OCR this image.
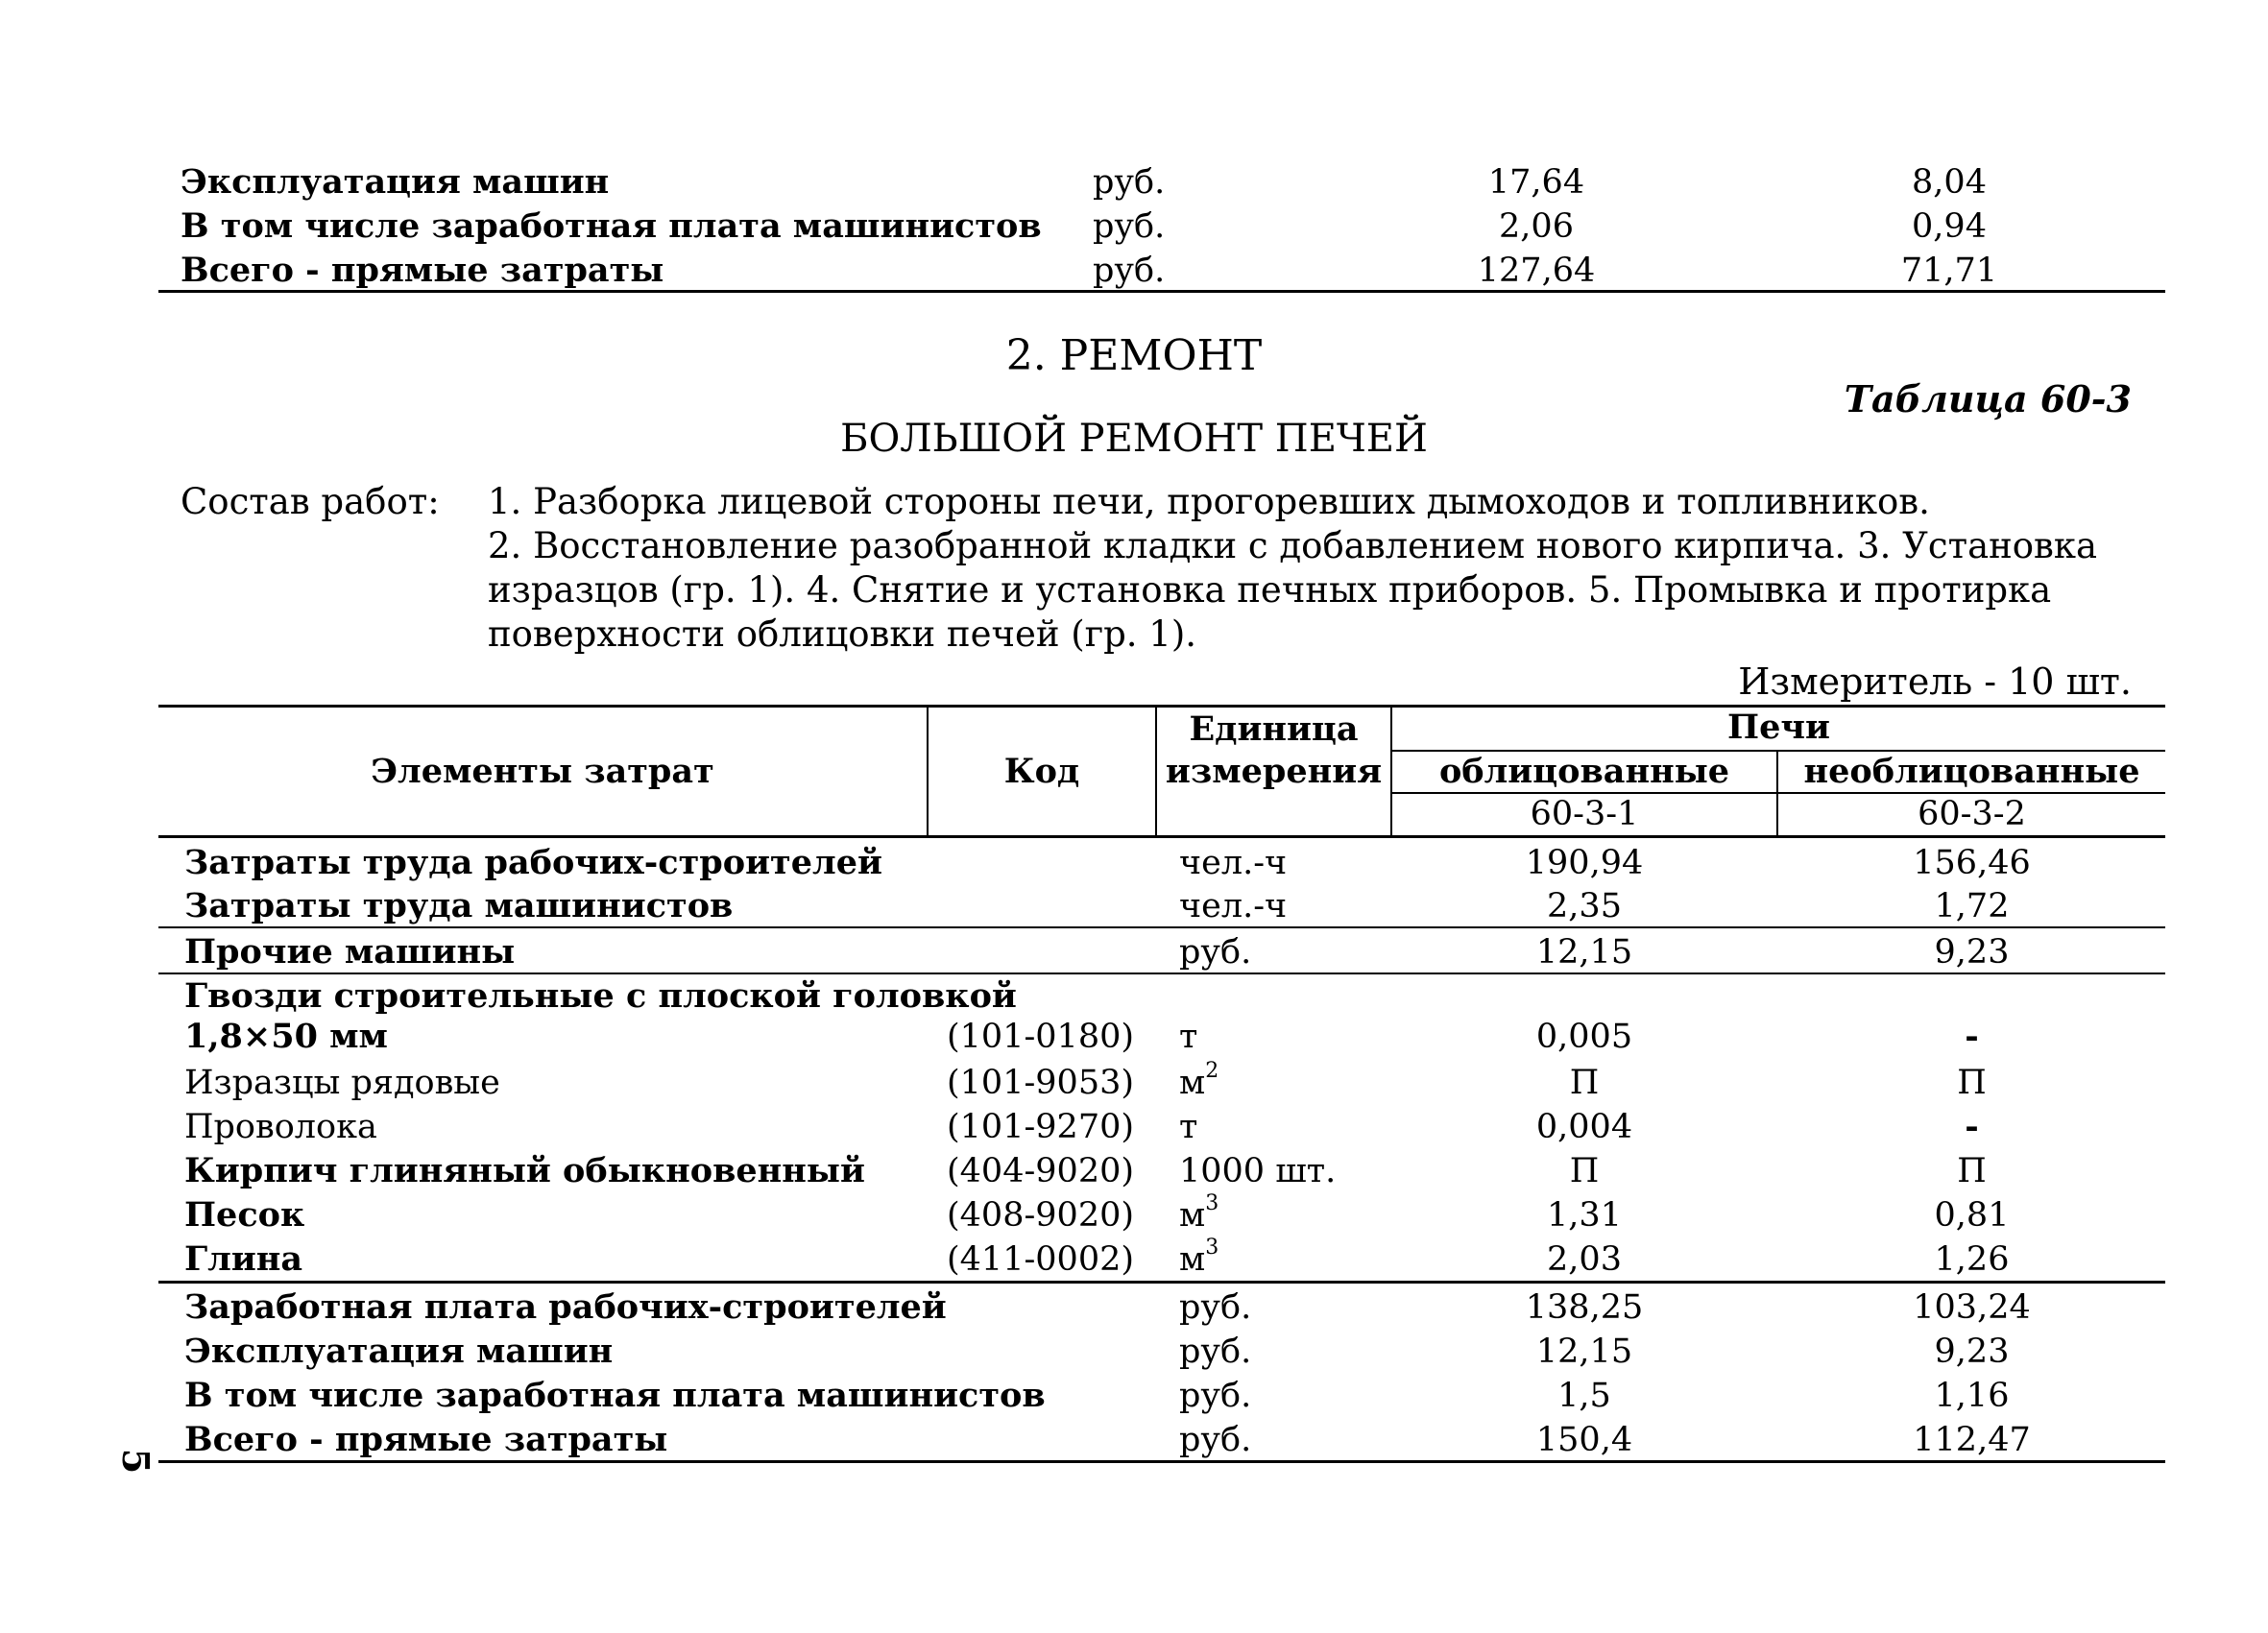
Эксплуатация машин	руб.	17,64	8,04
В том числе заработная плата машинистов руб.	2,06	0,94
Всего - прямые затраты	руб.	127,64	71,71
2. РЕМОНТ
Таблица 60-3
БОЛЬШОЙ РЕМОНТ ПЕЧЕЙ
Состав работ: 1. Разборка лицевой стороны печи, прогоревших дымоходов и топливников.
2. Восстановление разобранной кладки с добавлением нового кирпича. 3. Установка
изразцов (гр. 1). 4. Снятие и установка печных приборов. 5. Промывка и протирка
поверхности облицовки печей (гр. 1).
Измеритель - 10 шт.
Элементы затрат	Код
Единица
измерения
Печи
облицованные	необлицованные
60-3-1	60-3-2
Затраты труда рабочих-строителей	чел.-ч	190,94	156,46
Затраты труда машинистов	чел.-ч	2,35	1,72
Прочие машины	руб.	12,15	9,23
Гвозди строительные с плоской головкой
1,8×50 мм	(101-0180) т	0,005	-
Изразцы рядовые	(101-9053) $м^2$	П	П
Проволока	(101-9270) т	0,004	-
Кирпич глиняный обыкновенный (404-9020) 1000 шт.	П	П
Песок	(408-9020) $м^3$	1,31	0,81
Глина	(411-0002) $м^3$	2,03	1,26
Заработная плата рабочих-строителей	руб.	138,25	103,24
Эксплуатация машин	руб.	12,15	9,23
В том числе заработная плата машинистов	руб.	1,5	1,16
Всего - прямые затраты	руб.	150,4	112,47
5
